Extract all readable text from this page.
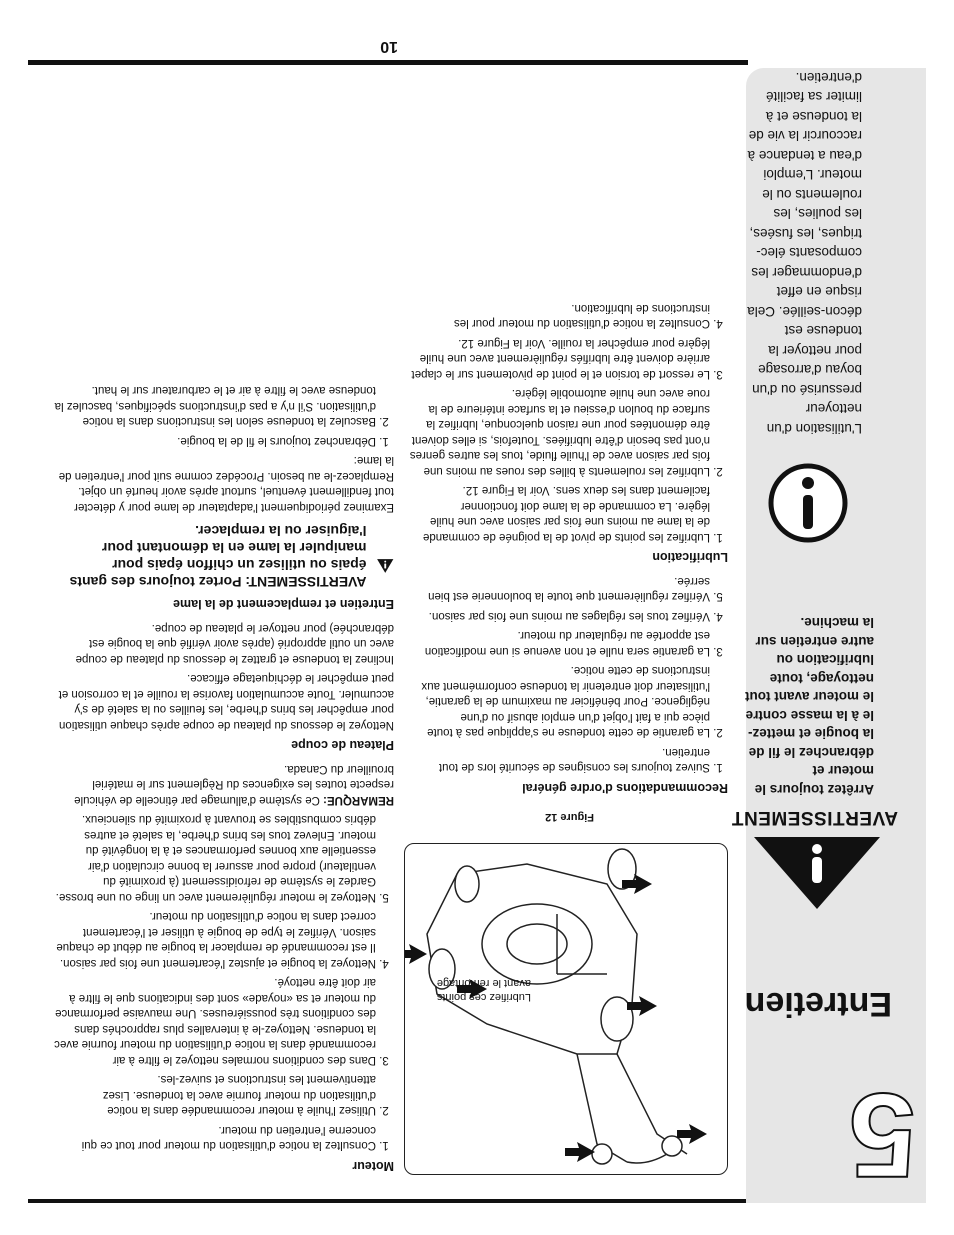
5
Entretien
AVERTISSEMENT
Arrêtez toujours le moteur et débranchez le fil de la bougie et mettez-le à la masse contre le moteur avant tout nettoyage, toute lubrification ou autre entretien sur la machine.
L'utilisation d'un nettoyeur pressurisé ou d'un boyau d'arrosage pour nettoyer la tondeuse est décon-seillée. Cela risque en effet d'endommager les composants élec-triques, les fusées, les poulies, les roulements ou le moteur. L'emploi d'eau a tendance à raccourcir la vie de la tondeuse et à limiter sa facilité d'entretien.
Lubrifiez ces points avant le remontage
Figure 12
Recommandations d'ordre général
1. Suivez toujours les consignes de sécurité lors de tout entretien.
2. La garantie de cette tondeuse ne s'applique pas à toute pièce qui a fait l'objet d'un emploi abusif ou d'une négligence. Pour bénéficier au maximum de la garantie, l'utilisateur doit entretenir la tondeuse conformément aux instructions de cette notice.
3. La garantie sera nulle et non avenue si une modification est apportée au régulateur du moteur.
4. Vérifiez tous les réglages au moins une fois par saison.
5. Vérifiez régulièrement que toute la boulonnerie est bien serrée.
Lubrification
1. Lubrifiez les points de pivot de la poignée de commande de la lame au moins une fois par saison avec une huile légère. La commande de la lame doit fonctionner facilement dans les deux sens. Voir la Figure 12.
2. Lubrifiez les roulements à billes des roues au moins une fois par saison avec de l'huile fluide, tous les autres genres n'ont pas besoin d'être lubrifiées. Toutefois, si elles doivent être démontées pour une raison quelconque, lubrifiez la surface du boulon d'essieu et la surface intérieure de la roue avec une huile automobile légère.
3. Le ressort de torsion et le point de pivotement sur le clapet arrière doivent être lubrifiés régulièrement avec une huile légère pour empêcher la rouille. Voir la Figure 12.
4. Consultez la notice d'utilisation du moteur pour les instructions de lubrification.
Moteur
1. Consultez la notice d'utilisation du moteur pour tout ce qui concerne l'entretien du moteur.
2. Utilisez l'huile à moteur recommandée dans la notice d'utilisation du moteur fournie avec la tondeuse. Lisez attentivement les instructions et suivez-les.
3. Dans des conditions normales nettoyez le filtre à air recommandé dans la notice d'utilisation du moteur fournie avec la tondeuse. Nettoyez-le à intervalles plus rapprochés dans des conditions très poussiéreuses. Une mauvaise performance du moteur et sa «noyade» sont des indications que le filtre à air doit être nettoyé.
4. Nettoyez la bougie et ajustez l'écartement une fois par saison. Il est recommandé de remplacer la bougie au début de chaque saison. Vérifiez le type de bougie à utiliser et l'écartement correct dans la notice d'utilisation du moteur.
5. Nettoyez le moteur régulièrement avec un linge ou une brosse. Gardez le système de refroidissement (à proximité du ventilateur) propre pour assurer la bonne circulation d'air essentielle aux bonnes performances et à la longévité du moteur. Enlevez tous les brins d'herbe, la saleté et autres débris combustibles se trouvant à proximité du silencieux.

REMARQUE: Ce système d'allumage par étincelle de véhicule respecte toutes les exigences du Règlement sur le matériel brouilleur du Canada.

Plateau de coupe

Nettoyez le dessous du plateau de coupe après chaque utilisation pour empêcher les brins d'herbe, les feuilles ou la saleté de s'y accumuler. Toute accumulation favorise la rouille et la corrosion et peut empêcher le déchiquetage efficace.

Inclinez la tondeuse et grattez le dessous du plateau de coupe avec un outil approprié (après avoir vérifié que la bougie est débranchée) pour nettoyer le plateau de coupe.

Entretien et remplacement de la lame
AVERTISSEMENT: Portez toujours des gants épais ou utilisez un chiffon épais pour manipuler la lame en la démontant pour l'aiguiser ou la remplacer.

Examinez périodiquement l'adaptateur de lame pour y détecter tout fendillement éventuel, surtout après avoir heurté un objet. Remplacez-le au besoin. Procédez comme suit pour l'entretien de la lame:

1. Débranchez toujours le fil de la bougie.
2. Basculez la tondeuse selon les instructions dans la notice d'utilisation. S'il n'y a pas d'instructions spécifiques, basculez la tondeuse avec le filtre à air et le carburateur sur le haut.
10
